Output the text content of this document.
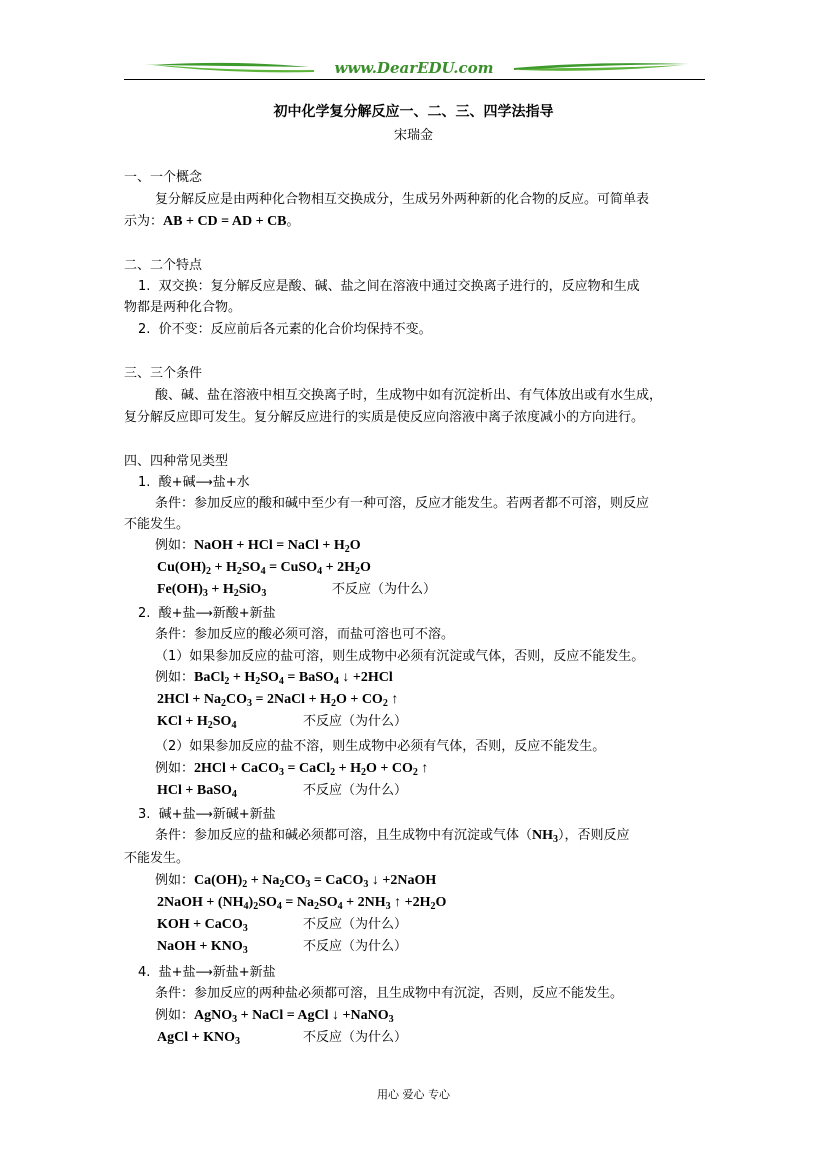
www.DearEDU.com
初中化学复分解反应一、二、三、四学法指导
宋瑞金
一、一个概念
复分解反应是由两种化合物相互交换成分，生成另外两种新的化合物的反应。可简单表
示为：AB + CD = AD + CB。
二、二个特点
1. 双交换：复分解反应是酸、碱、盐之间在溶液中通过交换离子进行的，反应物和生成
物都是两种化合物。
2. 价不变：反应前后各元素的化合价均保持不变。
三、三个条件
酸、碱、盐在溶液中相互交换离子时，生成物中如有沉淀析出、有气体放出或有水生成，
复分解反应即可发生。复分解反应进行的实质是使反应向溶液中离子浓度减小的方向进行。
四、四种常见类型
1. 酸+碱⟶盐+水
条件：参加反应的酸和碱中至少有一种可溶，反应才能发生。若两者都不可溶，则反应
不能发生。
例如：NaOH + HCl = NaCl + $H_2O$
$Cu(OH)_2 + H_2SO_4$ = CuSO$_4$ + $2H_2O$
$Fe(OH)_3 + H_2SiO_3$	不反应（为什么）
2. 酸+盐⟶新酸+新盐
条件：参加反应的酸必须可溶，而盐可溶也可不溶。
（1）如果参加反应的盐可溶，则生成物中必须有沉淀或气体，否则，反应不能发生。
例如：BaCl$_2$ + $H_2SO_4$ = BaSO$_4$ ↓ +2HCl
$2HCl + Na_2CO_3$ = 2NaCl + $H_2O + CO_2$ ↑
KCl + $H_2SO_4$	不反应（为什么）
（2）如果参加反应的盐不溶，则生成物中必须有气体，否则，反应不能发生。
例如：2HCl + CaCO$_3$ = CaCl$_2$ + $H_2O + CO_2$ ↑
HCl + BaSO$_4$	不反应（为什么）
3. 碱+盐⟶新碱+新盐
条件：参加反应的盐和碱必须都可溶，且生成物中有沉淀或气体$(NH_3)$，否则反应
不能发生。
例如：$Ca(OH)_2 + Na_2CO_3$ = CaCO$_3$ ↓ +2NaOH
2NaOH + $(NH_4)_2SO_4 = Na_2SO_4 + 2NH_3$ ↑ $+2H_2O$
KOH + CaCO$_3$	不反应（为什么）
NaOH + $KNO_3$	不反应（为什么）
4. 盐+盐⟶新盐+新盐
条件：参加反应的两种盐必须都可溶，且生成物中有沉淀，否则，反应不能发生。
例如：AgNO$_3$ + NaCl = AgCl ↓ +NaNO$_3$
AgCl + $KNO_3$	不反应（为什么）
用心 爱心 专心
